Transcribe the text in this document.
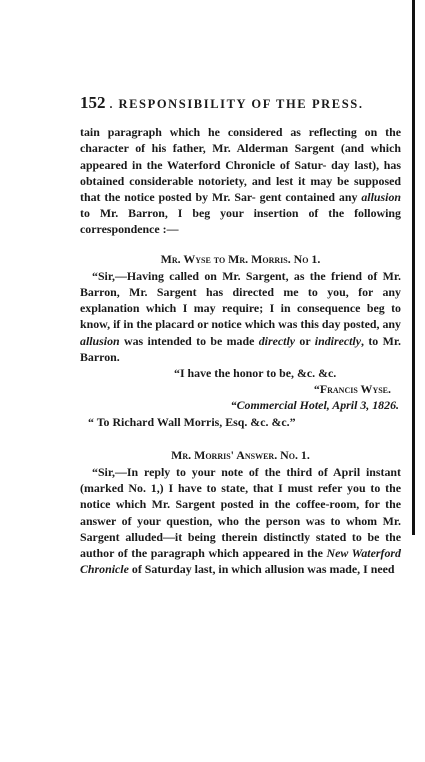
152 . RESPONSIBILITY OF THE PRESS.

tain paragraph which he considered as reflecting on the character of his father, Mr. Alderman Sargent (and which appeared in the Waterford Chronicle of Satur- day last), has obtained considerable notoriety, and lest it may be supposed that the notice posted by Mr. Sar- gent contained any allusion to Mr. Barron, I beg your insertion of the following correspondence :—

Mr. Wyse to Mr. Morris. No 1.

“Sir,—Having called on Mr. Sargent, as the friend of Mr. Barron, Mr. Sargent has directed me to you, for any explanation which I may require; I in consequence beg to know, if in the placard or notice which was this day posted, any allusion was intended to be made directly or indirectly, to Mr. Barron.

“I have the honor to be, &c. &c.
“Francis Wyse.
“Commercial Hotel, April 3, 1826.
“ To Richard Wall Morris, Esq. &c. &c.”
Mr. Morris' Answer. No. 1.

“Sir,—In reply to your note of the third of April instant (marked No. 1,) I have to state, that I must refer you to the notice which Mr. Sargent posted in the coffee-room, for the answer of your question, who the person was to whom Mr. Sargent alluded—it being therein distinctly stated to be the author of the paragraph which appeared in the New Waterford Chronicle of Saturday last, in which allusion was made, I need
